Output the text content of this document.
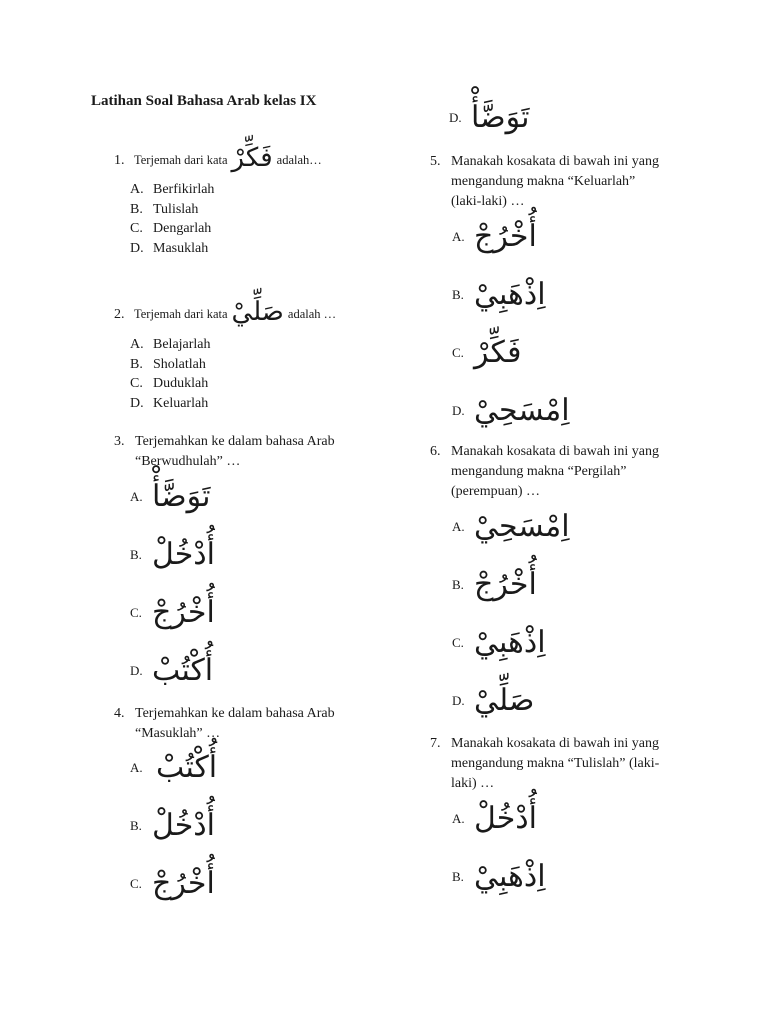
Latihan Soal Bahasa Arab kelas IX
1. Terjemah dari kata فَكِّرْ adalah…
A. Berfikirlah
B. Tulislah
C. Dengarlah
D. Masuklah
2. Terjemah dari kata صَلِّيْ adalah …
A. Belajarlah
B. Sholatlah
C. Duduklah
D. Keluarlah
3. Terjemahkan ke dalam bahasa Arab
“Berwudhulah” …
A. تَوَضَّأْ
B. أُدْخُلْ
C. أُخْرُجْ
D. أُكْتُبْ
4. Terjemahkan ke dalam bahasa Arab
“Masuklah” …
A. أُكْتُبْ
B. أُدْخُلْ
C. أُخْرُجْ
D. تَوَضَّأْ
5. Manakah kosakata di bawah ini yang
mengandung makna “Keluarlah”
(laki-laki) …
A. أُخْرُجْ
B. اِذْهَبِيْ
C. فَكِّرْ
D. اِمْسَحِيْ
6. Manakah kosakata di bawah ini yang
mengandung makna “Pergilah”
(perempuan) …
A. اِمْسَحِيْ
B. أُخْرُجْ
C. اِذْهَبِيْ
D. صَلِّيْ
7. Manakah kosakata di bawah ini yang
mengandung makna “Tulislah” (laki-
laki) …
A. أُدْخُلْ
B. اِذْهَبِيْ
